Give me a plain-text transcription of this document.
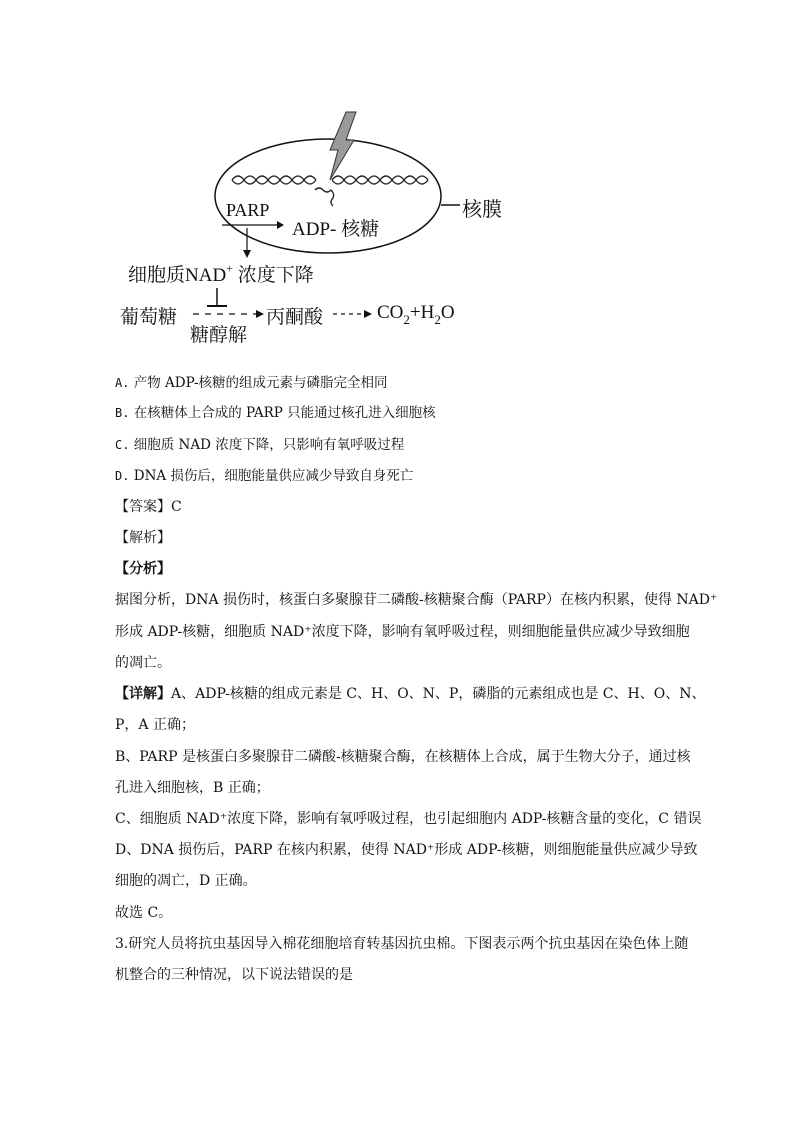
核膜
PARP
ADP- 核糖
细胞质NAD+ 浓度下降
葡萄糖
糖醇解
丙酮酸	$CO_2+H_2O$
A. 产物 ADP-核糖的组成元素与磷脂完全相同
B. 在核糖体上合成的 PARP 只能通过核孔进入细胞核
C. 细胞质 NAD 浓度下降，只影响有氧呼吸过程
D. DNA 损伤后，细胞能量供应减少导致自身死亡
【答案】C
【解析】
【分析】
据图分析，DNA 损伤时，核蛋白多聚腺苷二磷酸-核糖聚合酶（PARP）在核内积累，使得 NAD⁺
形成 ADP-核糖，细胞质 NAD⁺浓度下降，影响有氧呼吸过程，则细胞能量供应减少导致细胞
的凋亡。
【详解】A、ADP-核糖的组成元素是 C、H、O、N、P，磷脂的元素组成也是 C、H、O、N、
P，A 正确；
B、PARP 是核蛋白多聚腺苷二磷酸-核糖聚合酶，在核糖体上合成，属于生物大分子，通过核
孔进入细胞核，B 正确；
C、细胞质 NAD⁺浓度下降，影响有氧呼吸过程，也引起细胞内 ADP-核糖含量的变化，C 错误
D、DNA 损伤后，PARP 在核内积累，使得 NAD⁺形成 ADP-核糖，则细胞能量供应减少导致
细胞的凋亡，D 正确。
故选 C。
3.研究人员将抗虫基因导入棉花细胞培育转基因抗虫棉。下图表示两个抗虫基因在染色体上随
机整合的三种情况，以下说法错误的是
